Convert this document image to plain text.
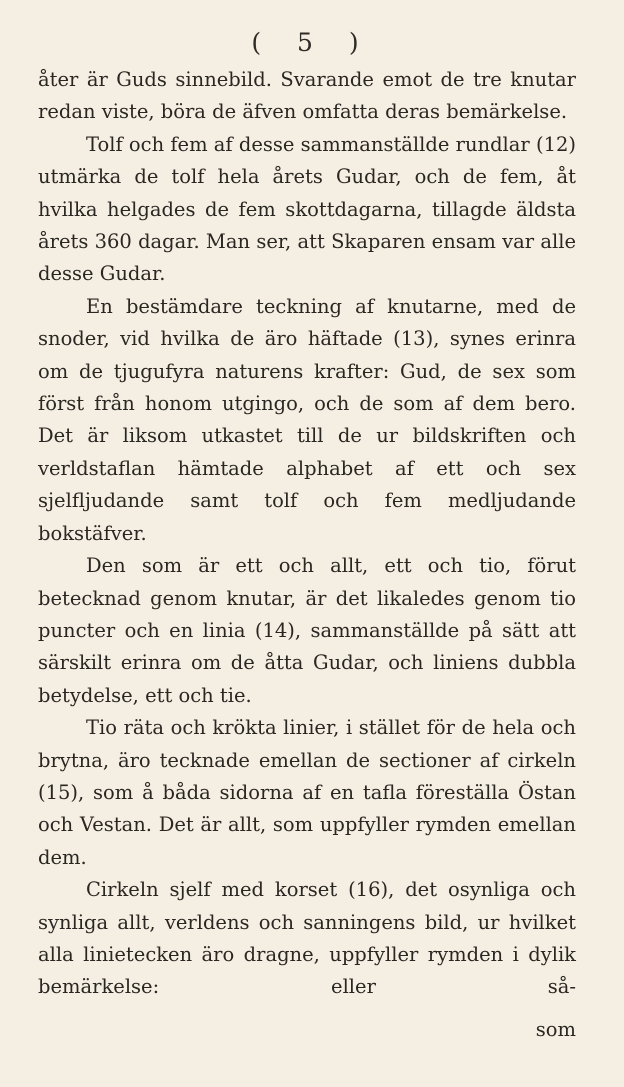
( 5 )

åter är Guds sinnebild. Svarande emot de tre knutar redan viste, böra de äfven omfatta deras bemärkelse.

Tolf och fem af desse sammanställde rundlar (12) utmärka de tolf hela årets Gudar, och de fem, åt hvilka helgades de fem skottdagarna, tillagde äldsta årets 360 dagar. Man ser, att Skaparen ensam var alle desse Gudar.

En bestämdare teckning af knutarne, med de snoder, vid hvilka de äro häftade (13), synes erinra om de tjugufyra naturens krafter: Gud, de sex som först från honom utgingo, och de som af dem bero. Det är liksom utkastet till de ur bildskriften och verldstaflan hämtade alphabet af ett och sex sjelfljudande samt tolf och fem medljudande bokstäfver.

Den som är ett och allt, ett och tio, förut betecknad genom knutar, är det likaledes genom tio puncter och en linia (14), sammanställde på sätt att särskilt erinra om de åtta Gudar, och liniens dubbla betydelse, ett och tie.

Tio räta och krökta linier, i stället för de hela och brytna, äro tecknade emellan de sectioner af cirkeln (15), som å båda sidorna af en tafla föreställa Östan och Vestan. Det är allt, som uppfyller rymden emellan dem.

Cirkeln sjelf med korset (16), det osynliga och synliga allt, verldens och sanningens bild, ur hvilket alla linietecken äro dragne, uppfyller rymden i dylik bemärkelse: eller så-

som
